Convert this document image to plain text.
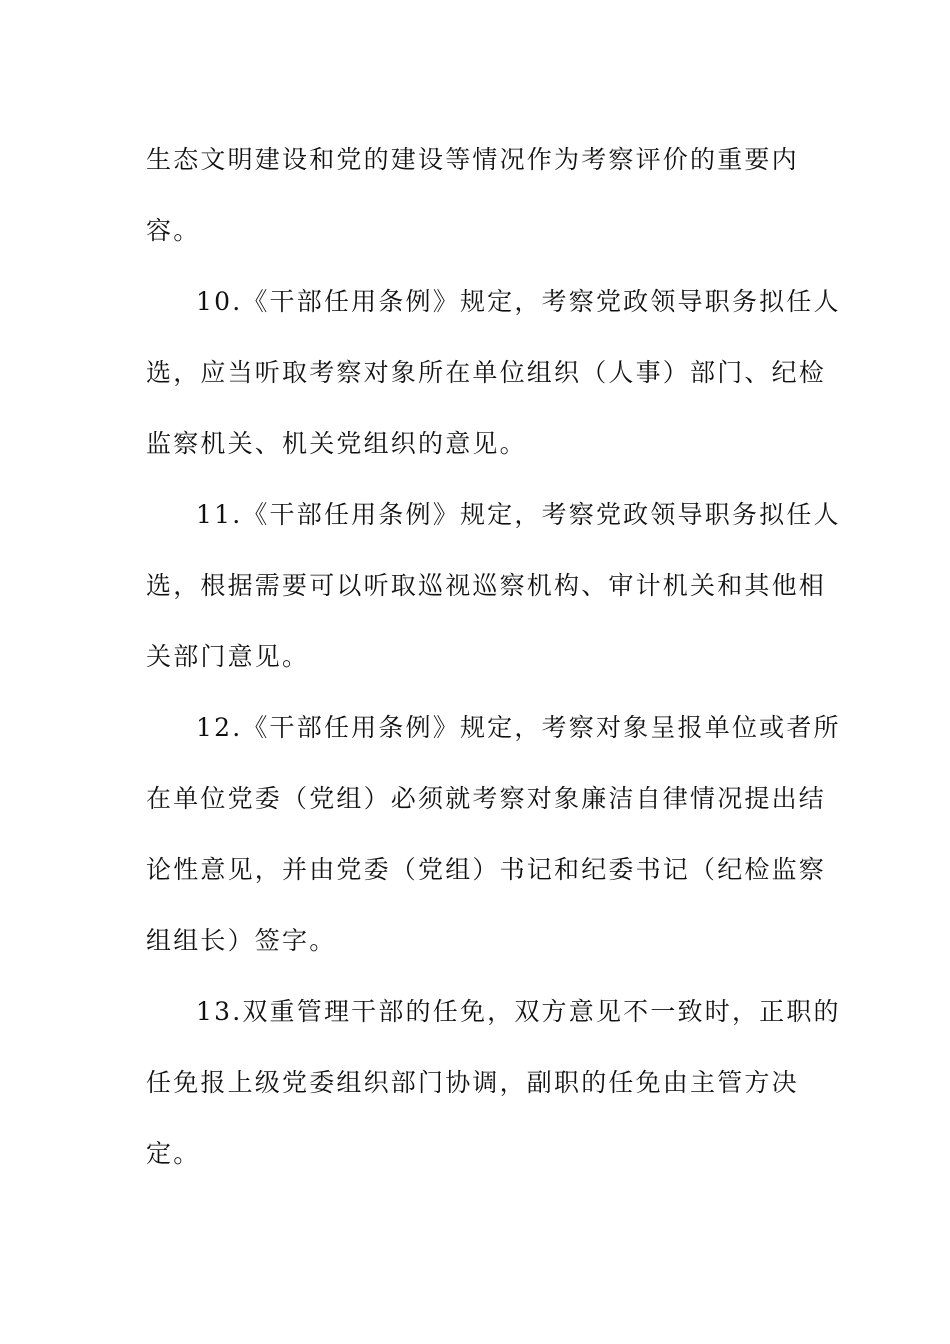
生态文明建设和党的建设等情况作为考察评价的重要内
容。
10.《干部任用条例》规定，考察党政领导职务拟任人
选，应当听取考察对象所在单位组织（人事）部门、纪检
监察机关、机关党组织的意见。
11.《干部任用条例》规定，考察党政领导职务拟任人
选，根据需要可以听取巡视巡察机构、审计机关和其他相
关部门意见。
12.《干部任用条例》规定，考察对象呈报单位或者所
在单位党委（党组）必须就考察对象廉洁自律情况提出结
论性意见，并由党委（党组）书记和纪委书记（纪检监察
组组长）签字。
13.双重管理干部的任免，双方意见不一致时，正职的
任免报上级党委组织部门协调，副职的任免由主管方决
定。
